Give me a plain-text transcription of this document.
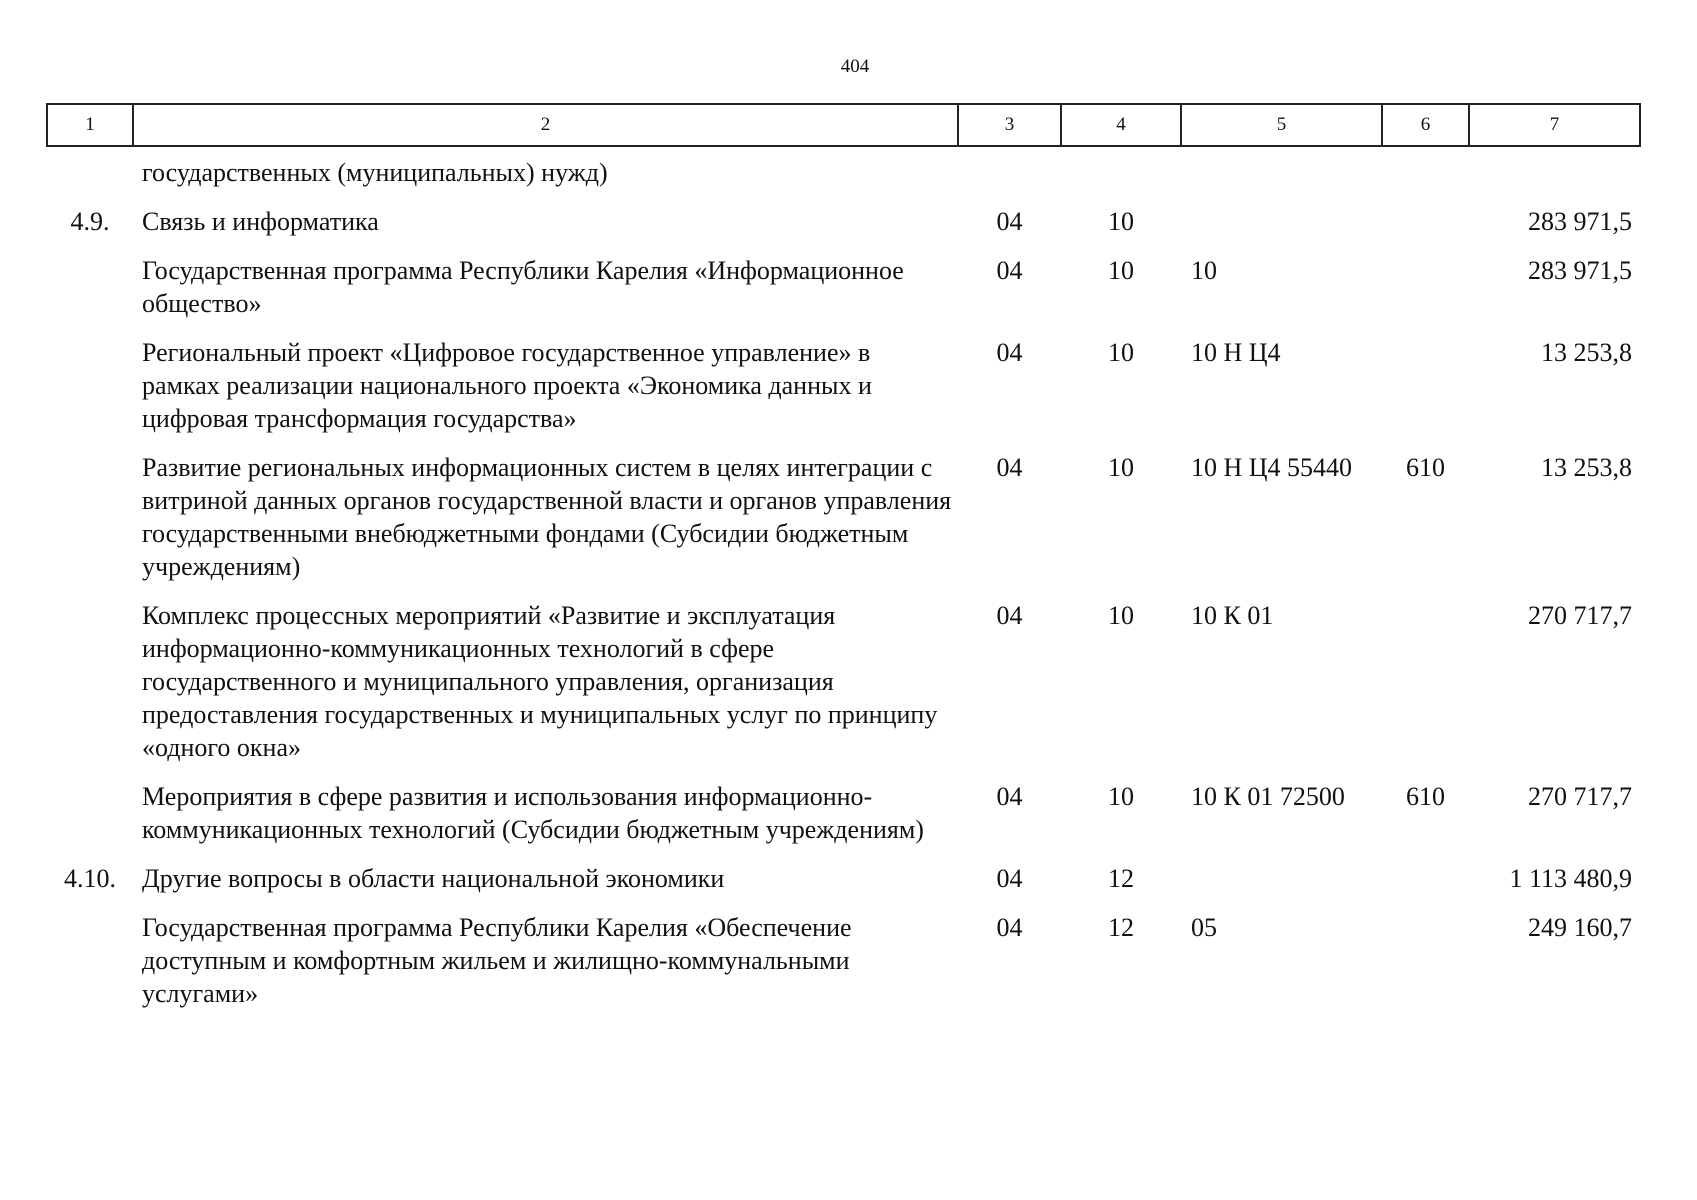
404
1	2	3	4	5	6	7
	государственных (муниципальных) нужд)					
4.9.	Связь и информатика	04	10			283 971,5
	Государственная программа Республики Карелия «Информационное общество»	04	10	10		283 971,5
	Региональный проект «Цифровое государственное управление» в рамках реализации национального проекта «Экономика данных и цифровая трансформация государства»	04	10	10 Н Ц4		13 253,8
	Развитие региональных информационных систем в целях интеграции с витриной данных органов государственной власти и органов управления государственными внебюджетными фондами (Субсидии бюджетным учреждениям)	04	10	10 Н Ц4 55440	610	13 253,8
	Комплекс процессных мероприятий «Развитие и эксплуатация информационно-коммуникационных технологий в сфере государственного и муниципального управления, организация предоставления государственных и муниципальных услуг по принципу «одного окна»	04	10	10 К 01		270 717,7
	Мероприятия в сфере развития и использования информационно-коммуникационных технологий (Субсидии бюджетным учреждениям)	04	10	10 К 01 72500	610	270 717,7
4.10.	Другие вопросы в области национальной экономики	04	12			1 113 480,9
	Государственная программа Республики Карелия «Обеспечение доступным и комфортным жильем и жилищно-коммунальными услугами»	04	12	05		249 160,7
